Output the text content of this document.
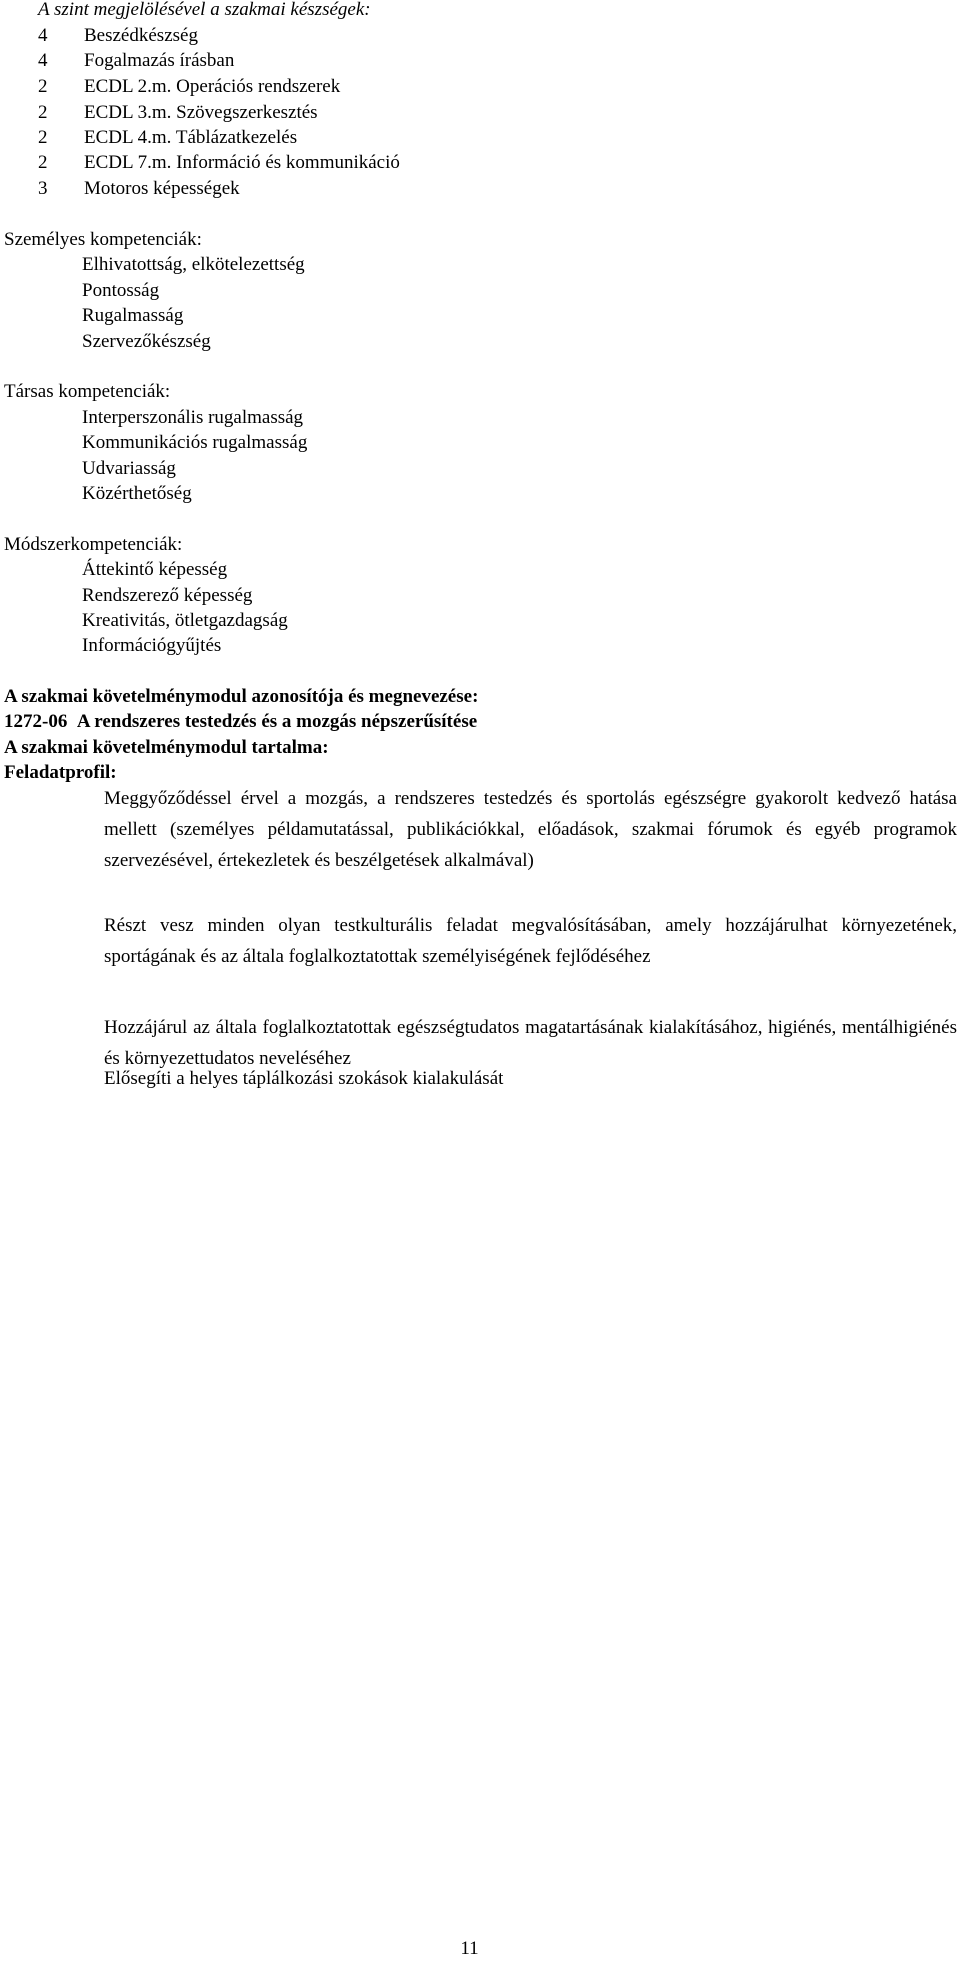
A szint megjelölésével a szakmai készségek:
4 Beszédkészség
4 Fogalmazás írásban
2 ECDL 2.m. Operációs rendszerek
2 ECDL 3.m. Szövegszerkesztés
2 ECDL 4.m. Táblázatkezelés
2 ECDL 7.m. Információ és kommunikáció
3 Motoros képességek
Személyes kompetenciák:
Elhivatottság, elkötelezettség
Pontosság
Rugalmasság
Szervezőkészség
Társas kompetenciák:
Interperszonális rugalmasság
Kommunikációs rugalmasság
Udvariasság
Közérthetőség
Módszerkompetenciák:
Áttekintő képesség
Rendszerező képesség
Kreativitás, ötletgazdagság
Információgyűjtés
A szakmai követelménymodul azonosítója és megnevezése:
1272-06 A rendszeres testedzés és a mozgás népszerűsítése
A szakmai követelménymodul tartalma:
Feladatprofil:
Meggyőződéssel érvel a mozgás, a rendszeres testedzés és sportolás egészségre gyakorolt kedvező hatása mellett (személyes példamutatással, publikációkkal, előadások, szakmai fórumok és egyéb programok szervezésével, értekezletek és beszélgetések alkalmával)
Részt vesz minden olyan testkulturális feladat megvalósításában, amely hozzájárulhat környezetének, sportágának és az általa foglalkoztatottak személyiségének fejlődéséhez
Hozzájárul az általa foglalkoztatottak egészségtudatos magatartásának kialakításához, higiénés, mentálhigiénés és környezettudatos neveléséhez
Elősegíti a helyes táplálkozási szokások kialakulását
11
